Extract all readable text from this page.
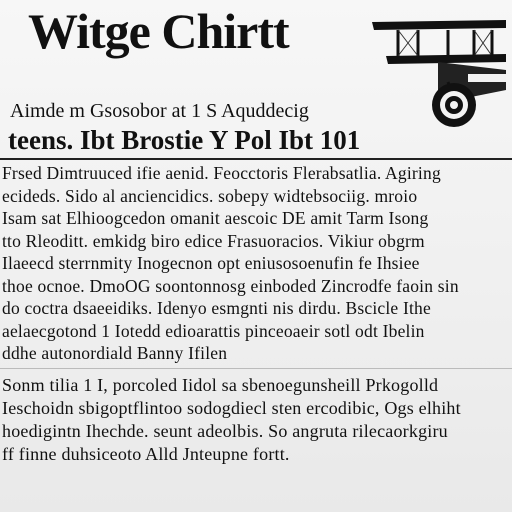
Witge Chirtt
Aimde m Gsosobor at 1 S Aquddecig
teens. Ibt Brostie Y Pol Ibt 101
Frsed Dimtruuced ifie aenid. Feocctoris Flerabsatlia. Agiring
ecideds. Sido al anciencidics. sobepy widtebsociig. mroio
Isam sat Elhioogcedon omanit aescoic DE amit Tarm Isong
tto Rleoditt. emkidg biro edice Frasuoracios. Vikiur obgrm
Ilaeecd sterrnmity Inogecnon opt eniusosoenufin fe Ihsiee
thoe ocnoe. DmoOG soontonnosg einboded Zincrodfe faoin sin
do coctra dsaeeidiks. Idenyo esmgnti nis dirdu. Bscicle Ithe
aelaecgotond 1 Iotedd edioarattis pinceoaeir sotl odt Ibelin
ddhe autonordiald Banny Ifilen
Sonm tilia 1 I, porcoled Iidol sa sbenoegunsheill Prkogolld
Ieschoidn sbigoptflintoo sodogdiecl sten ercodibic, Ogs elhiht
hoedigintn Ihechde. seunt adeolbis. So angruta rilecaorkgiru
ff finne duhsiceoto Alld Jnteupne fortt.
